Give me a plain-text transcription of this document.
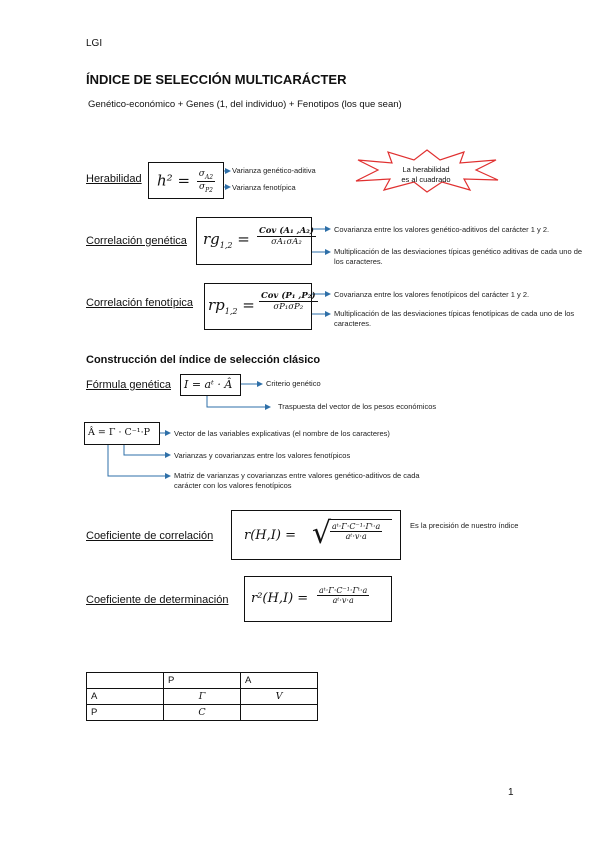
LGI
ÍNDICE DE SELECCIÓN MULTICARÁCTER
Genético-económico + Genes (1, del individuo) + Fenotipos (los que sean)
Herabilidad $h^2 = \frac{\sigma_{A2}}{\sigma_{P2}}$ Varianza genético-aditiva
Varianza fenotípica
La herabilidad
es al cuadrado
Correlación genética $rg_{1,2}$ = Cov (A₁ ,A₂)
σA₁σA₂
Covarianza entre los valores genético-aditivos del carácter 1 y 2.
Multiplicación de las desviaciones típicas genético aditivas de cada uno de los caracteres.
Correlación fenotípica $rp_{1,2}$ = Cov (P₁ ,P₂)
σP₁σP₂
Covarianza entre los valores fenotípicos del carácter 1 y 2.
Multiplicación de las desviaciones típicas fenotípicas de cada uno de los caracteres.
Construcción del índice de selección clásico
Fórmula genética I = aᵗ · Â	Criterio genético
Traspuesta del vector de los pesos económicos
Â = Γ · C⁻¹·P	Vector de las variables explicativas (el nombre de los caracteres)
Varianzas y covarianzas entre los valores fenotípicos
Matriz de varianzas y covarianzas entre valores genético-aditivos de cada carácter con los valores fenotípicos
Coeficiente de correlación r(H,I) = √
$\frac{\text{aᵗ·Γ·C⁻¹·Γᵗ·a}}{\text{aᵗ·v·a}}$	Es la precisión de nuestro índice
Coeficiente de determinación $r^2(H,I) = \frac{\text{aᵗ·Γ·C⁻¹·Γᵗ·a}}{\text{aᵗ·v·a}}$
	P	A
A	Γ	V
P	C	
1
